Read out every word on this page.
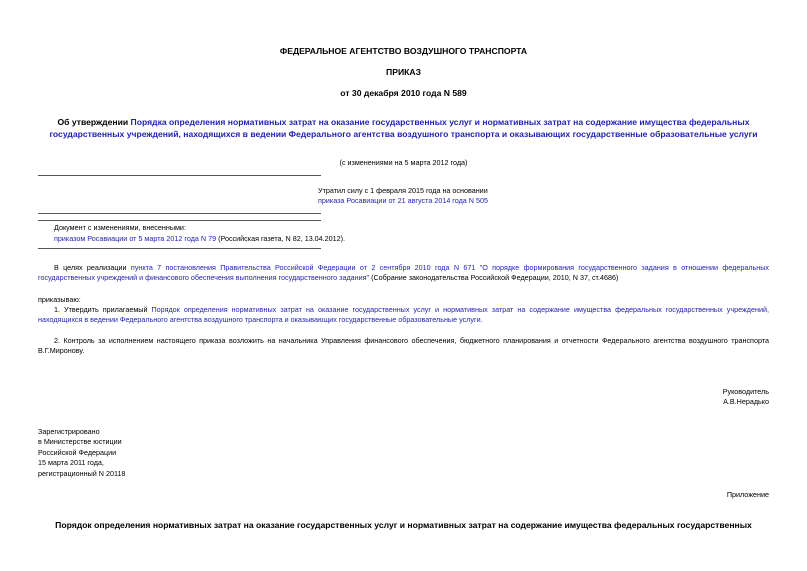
ФЕДЕРАЛЬНОЕ АГЕНТСТВО ВОЗДУШНОГО ТРАНСПОРТА
ПРИКАЗ
от 30 декабря 2010 года N 589
Об утверждении Порядка определения нормативных затрат на оказание государственных услуг и нормативных затрат на содержание имущества федеральных государственных учреждений, находящихся в ведении Федерального агентства воздушного транспорта и оказывающих государственные образовательные услуги
(с изменениями на 5 марта 2012 года)
Утратил силу с 1 февраля 2015 года на основании
приказа Росавиации от 21 августа 2014 года N 505
Документ с изменениями, внесенными:
приказом Росавиации от 5 марта 2012 года N 79 (Российская газета, N 82, 13.04.2012).
В целях реализации пункта 7 постановления Правительства Российской Федерации от 2 сентября 2010 года N 671 "О порядке формирования государственного задания в отношении федеральных государственных учреждений и финансового обеспечения выполнения государственного задания" (Собрание законодательства Российской Федерации, 2010, N 37, ст.4686)
приказываю:
1. Утвердить прилагаемый Порядок определения нормативных затрат на оказание государственных услуг и нормативных затрат на содержание имущества федеральных государственных учреждений, находящихся в ведении Федерального агентства воздушного транспорта и оказывающих государственные образовательные услуги.
2. Контроль за исполнением настоящего приказа возложить на начальника Управления финансового обеспечения, бюджетного планирования и отчетности Федерального агентства воздушного транспорта В.Г.Миронову.
Руководитель
А.В.Нерадько
Зарегистрировано
в Министерстве юстиции
Российской Федерации
15 марта 2011 года,
регистрационный N 20118
Приложение
Порядок определения нормативных затрат на оказание государственных услуг и нормативных затрат на содержание имущества федеральных государственных
